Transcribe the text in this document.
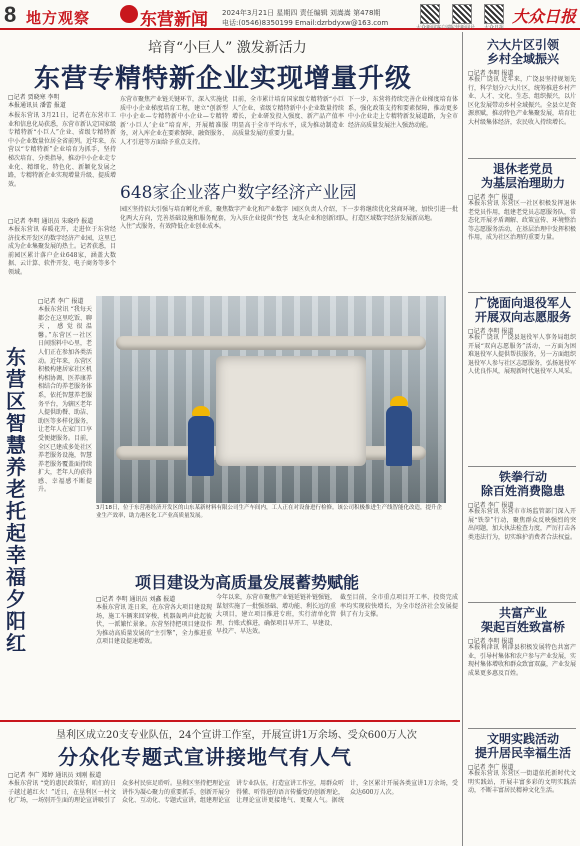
8 地方观察	东营新闻 2024年3月21日 星期四 责任编辑 刘嵩嵩 第478期
电话:(0546)8350199 Email:dzrbdyxw@163.com
大众新闻客户端
东营新闻号 大众日报
大众日报
培育“小巨人” 激发新活力
东营专精特新企业实现增量升级
□记者 贾晓寒 李明
本报通讯员 潘蕾 报道
本报东营讯 3月21日，记者在东营市工业和信息化局获悉，东营市新认定国家级专精特新“小巨人”企业、省级专精特新中小企业数量位居全省前列。近年来，东营以“专精特新”企业培育为抓手，坚持梯次培育、分类指导，推动中小企业走专业化、精细化、特色化、新颖化发展之路，专精特新企业实现增量升级、提质增效。
东营市聚焦产业链关键环节，深入实施优质中小企业梯度培育工程，建立“创新型中小企业—专精特新中小企业—专精特新‘小巨人’企业”培育库，开展精准服务，对入库企业在要素保障、融资服务、人才引进等方面给予重点支持。
目前，全市累计培育国家级专精特新“小巨人”企业、省级专精特新中小企业数量持续增长，企业研发投入强度、新产品产值率明显高于全市平均水平，成为推动制造业高质量发展的重要力量。
下一步，东营将持续完善企业梯度培育体系，强化政策支持和要素保障，推动更多中小企业走上专精特新发展道路，为全市经济高质量发展注入强劲动能。
648家企业落户数字经济产业园
□记者 李明 通讯员 朱晓玲 报道
本报东营讯 春暖花开，走进位于东营经济技术开发区的数字经济产业园，这里已成为企业集聚发展的热土。记者获悉，目前园区累计落户企业648家，涵盖大数据、云计算、软件开发、电子商务等多个领域。
园区坚持招大引强与培育孵化并重，聚焦数字产业化和产业数字化两大方向，完善基础设施和服务配套，为入驻企业提供“拎包入住”式服务，有效降低企业创业成本。
园区负责人介绍，下一步将继续优化营商环境，加快引进一批龙头企业和创新团队，打造区域数字经济发展新高地。
东营区智慧养老托起幸福夕阳红
□记者 李广 报道
本报东营讯 “我每天都会在这里吃饭、聊天，感觉很温馨。”东营区一社区日间照料中心里，老人们正在参加各类活动。近年来，东营区积极构建居家社区机构相协调、医养康养相结合的养老服务体系，依托智慧养老服务平台，为辖区老年人提供助餐、助洁、助医等多样化服务，让老年人在家门口享受便捷服务。目前，全区已建成多处社区养老服务设施，智慧养老服务覆盖面持续扩大，老年人的获得感、幸福感不断提升。
3月18日，位于东营港经济开发区的山东某新材料有限公司生产车间内，工人正在对设备进行检修。该公司积极推进生产线智能化改造，提升企业生产效率，助力港区化工产业高质量发展。
项目建设为高质量发展蓄势赋能
□记者 李明 通讯员 刘鑫 报道
本报东营讯 连日来，在东营各大项目建设现场，施工车辆来回穿梭，机器轰鸣声此起彼伏，一派繁忙景象。东营坚持把项目建设作为推动高质量发展的“主引擎”，全力推进重点项目建设提速增效。
今年以来，东营市聚焦产业链延链补链强链，谋划实施了一批强基础、增功能、利长远的重大项目，建立项目推进专班，实行清单化管理、台账式推进，确保项目早开工、早建设、早投产、早达效。
截至目前，全市重点项目开工率、投资完成率均实现较快增长，为全市经济社会发展提供了有力支撑。
垦利区成立20支专业队伍，24个宣讲工作室，开展宣讲1万余场、受众600万人次
分众化专题式宣讲接地气有人气
□记者 李广 郑婷 通讯员 刘刚 报道
本报东营讯 “党的惠民政策好，咱们的日子越过越红火！”近日，在垦利区一村文化广场，一场别开生面的理论宣讲吸引了众多村民驻足聆听。垦利区坚持把理论宣讲作为凝心聚力的重要抓手，创新开展分众化、互动化、专题式宣讲，组建理论宣讲专业队伍，打造宣讲工作室，用群众听得懂、听得进的语言传播党的创新理论，让理论宣讲更接地气、更聚人气。据统计，全区累计开展各类宣讲1万余场，受众达600万人次。
六大片区引领
乡村全域振兴
□记者 李明 报道
本报广饶讯 近年来，广饶县坚持规划先行，科学划分六大片区，统筹推进乡村产业、人才、文化、生态、组织振兴，以片区化发展带动乡村全域振兴。全县立足资源禀赋，推动特色产业集聚发展，培育壮大村级集体经济，农民收入持续增长。
退休老党员
为基层治理助力
□记者 李广 报道
本报东营讯 东营区一社区积极发挥退休老党员作用，组建老党员志愿服务队，常态化开展矛盾调解、政策宣传、环境整治等志愿服务活动，在基层治理中发挥积极作用，成为社区治理的重要力量。
广饶面向退役军人
开展双向志愿服务
□记者 李明 报道
本报广饶讯 广饶县退役军人事务局组织开展“双向志愿服务”活动，一方面为困难退役军人提供帮扶服务，另一方面组织退役军人参与社区志愿服务，弘扬退役军人优良作风，展现新时代退役军人风采。
铁拳行动
除百姓消费隐患
□记者 李广 报道
本报东营讯 东营市市场监管部门深入开展“铁拳”行动，聚焦群众反映强烈的突出问题，加大执法检查力度，严厉打击各类违法行为，切实维护消费者合法权益。
共富产业
架起百姓致富桥
□记者 李明 报道
本报利津讯 利津县积极发展特色共富产业，引导村集体和农户参与产业发展，实现村集体增收和群众致富双赢，产业发展成果更多惠及百姓。
文明实践活动
提升居民幸福生活
□记者 李广 报道
本报东营讯 东营区一街道依托新时代文明实践站，开展丰富多彩的文明实践活动，不断丰富居民精神文化生活。
